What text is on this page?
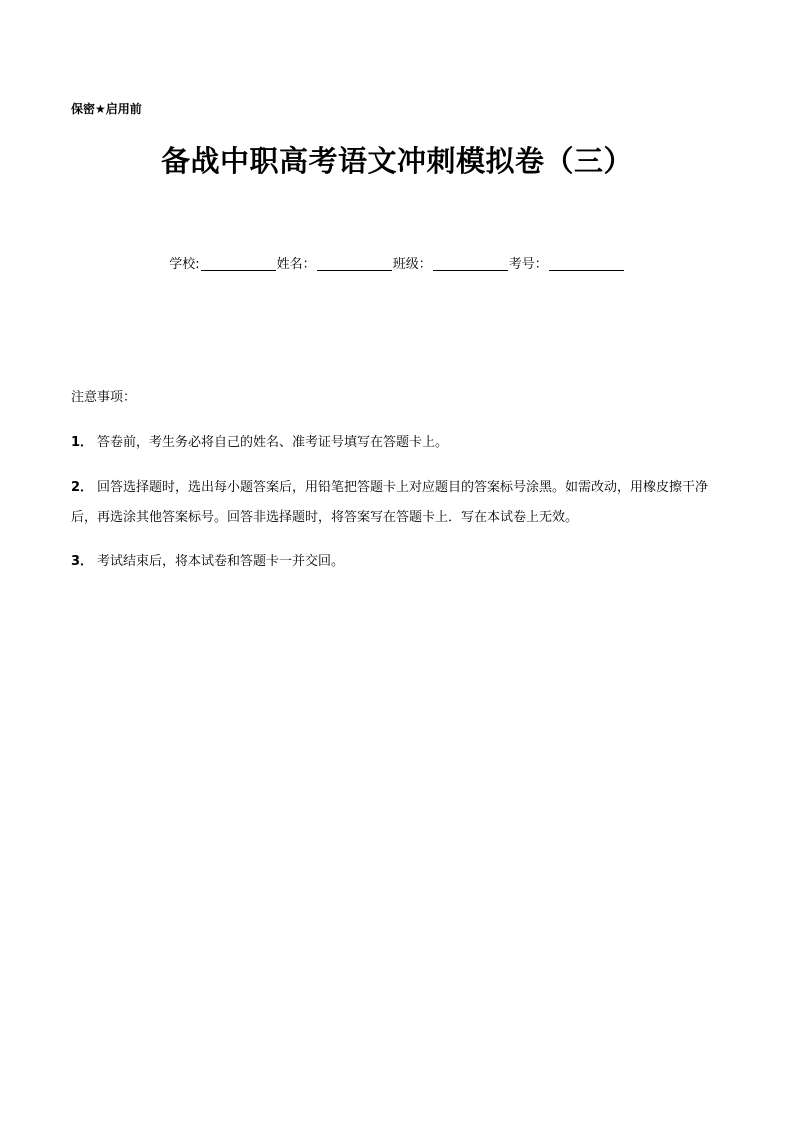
保密★启用前
备战中职高考语文冲刺模拟卷（三）
学校:	姓名：	班级：	考号：
注意事项：
1． 答卷前，考生务必将自己的姓名、准考证号填写在答题卡上。
2． 回答选择题时，选出每小题答案后，用铅笔把答题卡上对应题目的答案标号涂黑。如需改动，用橡皮擦干净后，再选涂其他答案标号。回答非选择题时，将答案写在答题卡上．写在本试卷上无效。
3． 考试结束后，将本试卷和答题卡一并交回。
